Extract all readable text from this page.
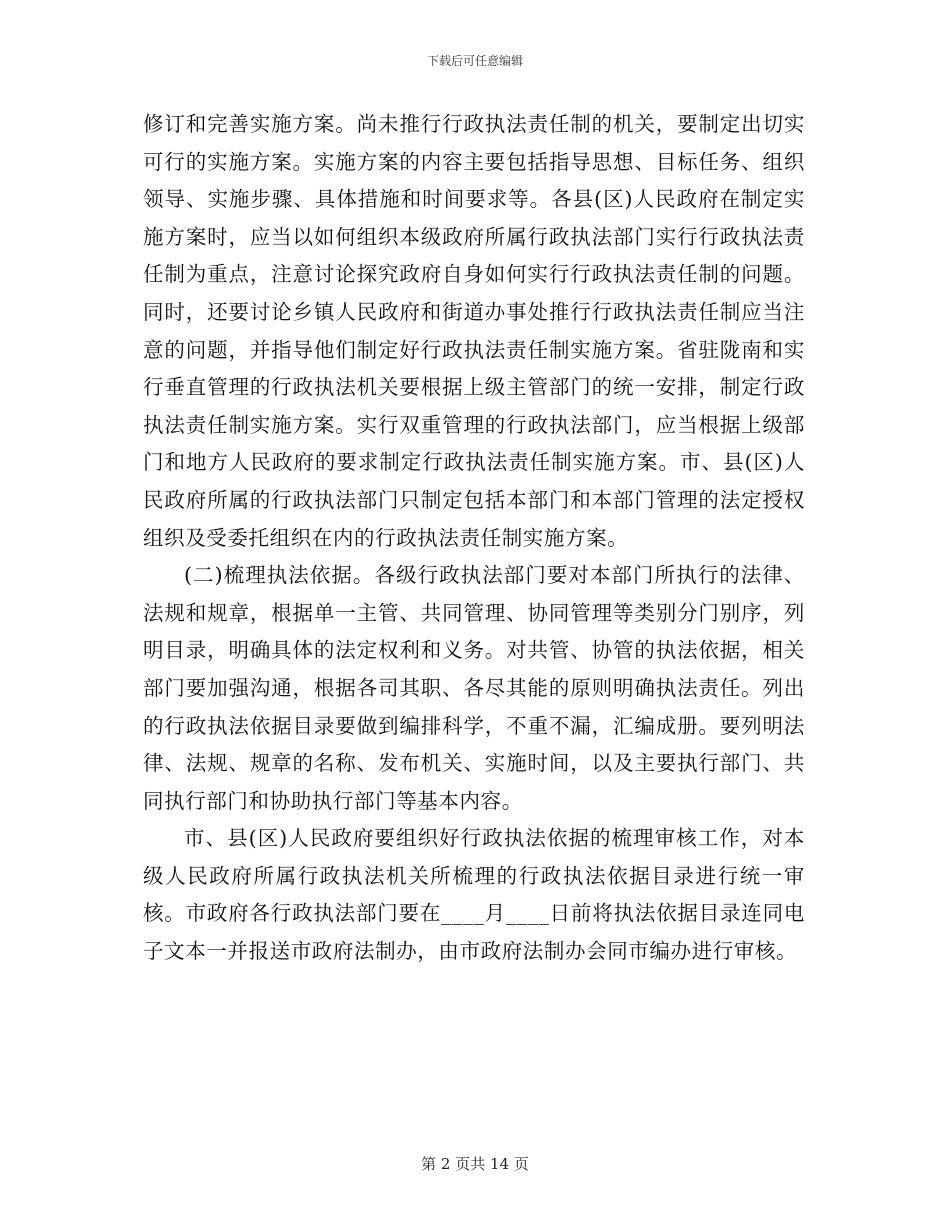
下载后可任意编辑

修订和完善实施方案。尚未推行行政执法责任制的机关，要制定出切实可行的实施方案。实施方案的内容主要包括指导思想、目标任务、组织领导、实施步骤、具体措施和时间要求等。各县(区)人民政府在制定实施方案时，应当以如何组织本级政府所属行政执法部门实行行政执法责任制为重点，注意讨论探究政府自身如何实行行政执法责任制的问题。同时，还要讨论乡镇人民政府和街道办事处推行行政执法责任制应当注意的问题，并指导他们制定好行政执法责任制实施方案。省驻陇南和实行垂直管理的行政执法机关要根据上级主管部门的统一安排，制定行政执法责任制实施方案。实行双重管理的行政执法部门，应当根据上级部门和地方人民政府的要求制定行政执法责任制实施方案。市、县(区)人民政府所属的行政执法部门只制定包括本部门和本部门管理的法定授权组织及受委托组织在内的行政执法责任制实施方案。

(二)梳理执法依据。各级行政执法部门要对本部门所执行的法律、法规和规章，根据单一主管、共同管理、协同管理等类别分门别序，列明目录，明确具体的法定权利和义务。对共管、协管的执法依据，相关部门要加强沟通，根据各司其职、各尽其能的原则明确执法责任。列出的行政执法依据目录要做到编排科学，不重不漏，汇编成册。要列明法律、法规、规章的名称、发布机关、实施时间，以及主要执行部门、共同执行部门和协助执行部门等基本内容。

市、县(区)人民政府要组织好行政执法依据的梳理审核工作，对本级人民政府所属行政执法机关所梳理的行政执法依据目录进行统一审核。市政府各行政执法部门要在____月____日前将执法依据目录连同电子文本一并报送市政府法制办，由市政府法制办会同市编办进行审核。

第 2 页共 14 页
